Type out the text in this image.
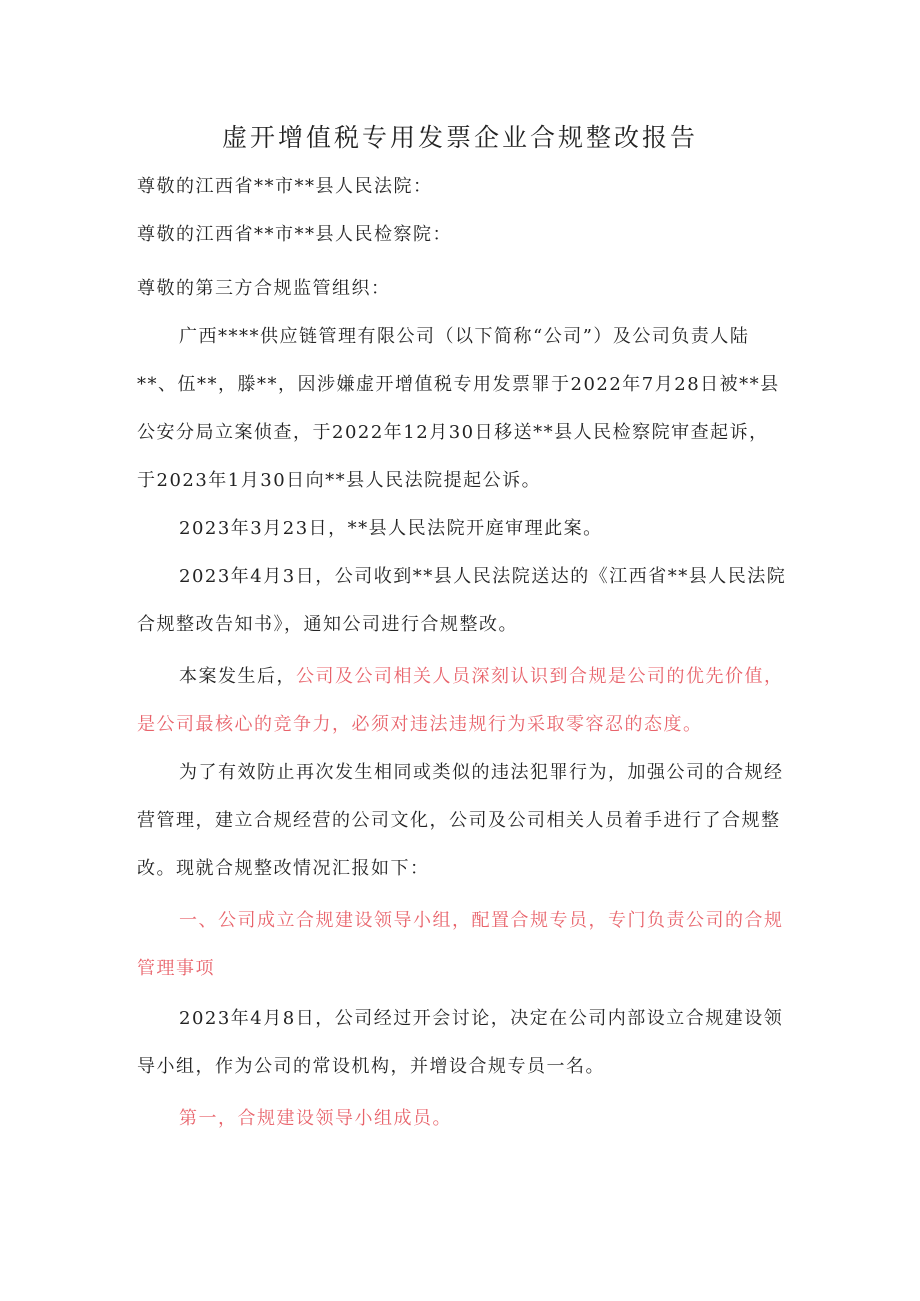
虚开增值税专用发票企业合规整改报告
尊敬的江西省**市**县人民法院：
尊敬的江西省**市**县人民检察院：
尊敬的第三方合规监管组织：
广西****供应链管理有限公司（以下简称“公司”）及公司负责人陆**、伍**，滕**，因涉嫌虚开增值税专用发票罪于2022年7月28日被**县公安分局立案侦查，于2022年12月30日移送**县人民检察院审查起诉，于2023年1月30日向**县人民法院提起公诉。
2023年3月23日，**县人民法院开庭审理此案。
2023年4月3日，公司收到**县人民法院送达的《江西省**县人民法院合规整改告知书》，通知公司进行合规整改。
本案发生后，公司及公司相关人员深刻认识到合规是公司的优先价值，是公司最核心的竞争力，必须对违法违规行为采取零容忍的态度。
为了有效防止再次发生相同或类似的违法犯罪行为，加强公司的合规经营管理，建立合规经营的公司文化，公司及公司相关人员着手进行了合规整改。现就合规整改情况汇报如下：
一、公司成立合规建设领导小组，配置合规专员，专门负责公司的合规管理事项
2023年4月8日，公司经过开会讨论，决定在公司内部设立合规建设领导小组，作为公司的常设机构，并增设合规专员一名。
第一，合规建设领导小组成员。
